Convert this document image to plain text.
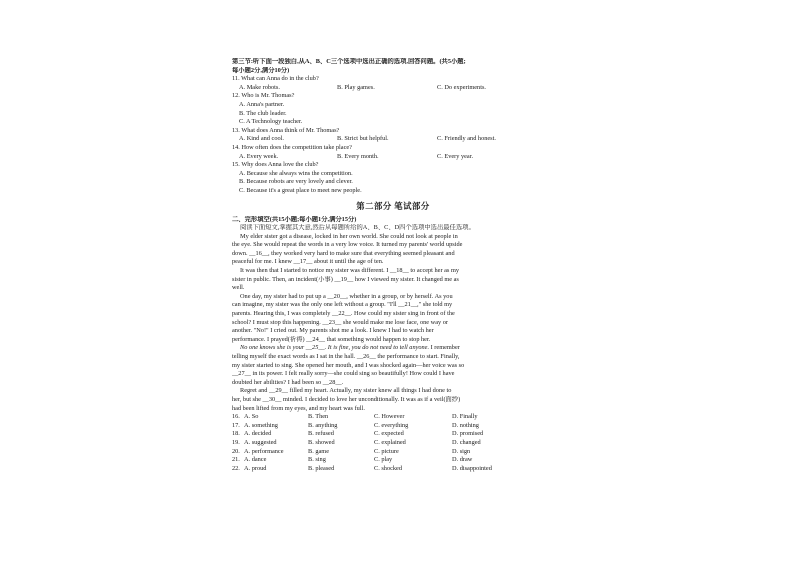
第三节:听下面一段独白,从A、B、C三个选项中选出正确的选项,回答问题。(共5小题;
每小题2分,满分10分)
11. What can Anna do in the club?
A. Make robots.	B. Play games.	C. Do experiments.
12. Who is Mr. Thomas?
A. Anna's partner.
B. The club leader.
C. A Technology teacher.
13. What does Anna think of Mr. Thomas?
A. Kind and cool.	B. Strict but helpful.	C. Friendly and honest.
14. How often does the competition take place?
A. Every week.	B. Every month.	C. Every year.
15. Why does Anna love the club?
A. Because she always wins the competition.
B. Because robots are very lovely and clever.
C. Because it's a great place to meet new people.
第二部分 笔试部分
二、完形填空(共15小题;每小题1分,满分15分)
阅读下面短文,掌握其大意,然后从每题所给的A、B、C、D四个选项中选出最佳选项。
My elder sister got a disease, locked in her own world. She could not look at people in
the eye. She would repeat the words in a very low voice. It turned my parents' world upside
down. __16__, they worked very hard to make sure that everything seemed pleasant and
peaceful for me. I knew __17__ about it until the age of ten.
It was then that I started to notice my sister was different. I __18__ to accept her as my
sister in public. Then, an incident(小事) __19__ how I viewed my sister. It changed me as
well.
One day, my sister had to put up a __20__, whether in a group, or by herself. As you
can imagine, my sister was the only one left without a group. "I'll __21__," she told my
parents. Hearing this, I was completely __22__. How could my sister sing in front of the
school? I must stop this happening. __23__ she would make me lose face, one way or
another. "No!" I cried out. My parents shot me a look. I knew I had to watch her
performance. I prayed(祈祷) __24__ that something would happen to stop her.
No one knows she is your __25__. It is fine, you do not need to tell anyone. I remember
telling myself the exact words as I sat in the hall. __26__ the performance to start. Finally,
my sister started to sing. She opened her mouth, and I was shocked again—her voice was so
__27__ in its power. I felt really sorry—she could sing so beautifully! How could I have
doubted her abilities? I had been so __28__.
Regret and __29__ filled my heart. Actually, my sister knew all things I had done to
her, but she __30__ minded. I decided to love her unconditionally. It was as if a veil(面纱)
had been lifted from my eyes, and my heart was full.
16. A. So	B. Then	C. However	D. Finally
17. A. something	B. anything	C. everything	D. nothing
18. A. decided	B. refused	C. expected	D. promised
19. A. suggested	B. showed	C. explained	D. changed
20. A. performance	B. game	C. picture	D. sign
21. A. dance	B. sing	C. play	D. draw
22. A. proud	B. pleased	C. shocked	D. disappointed
